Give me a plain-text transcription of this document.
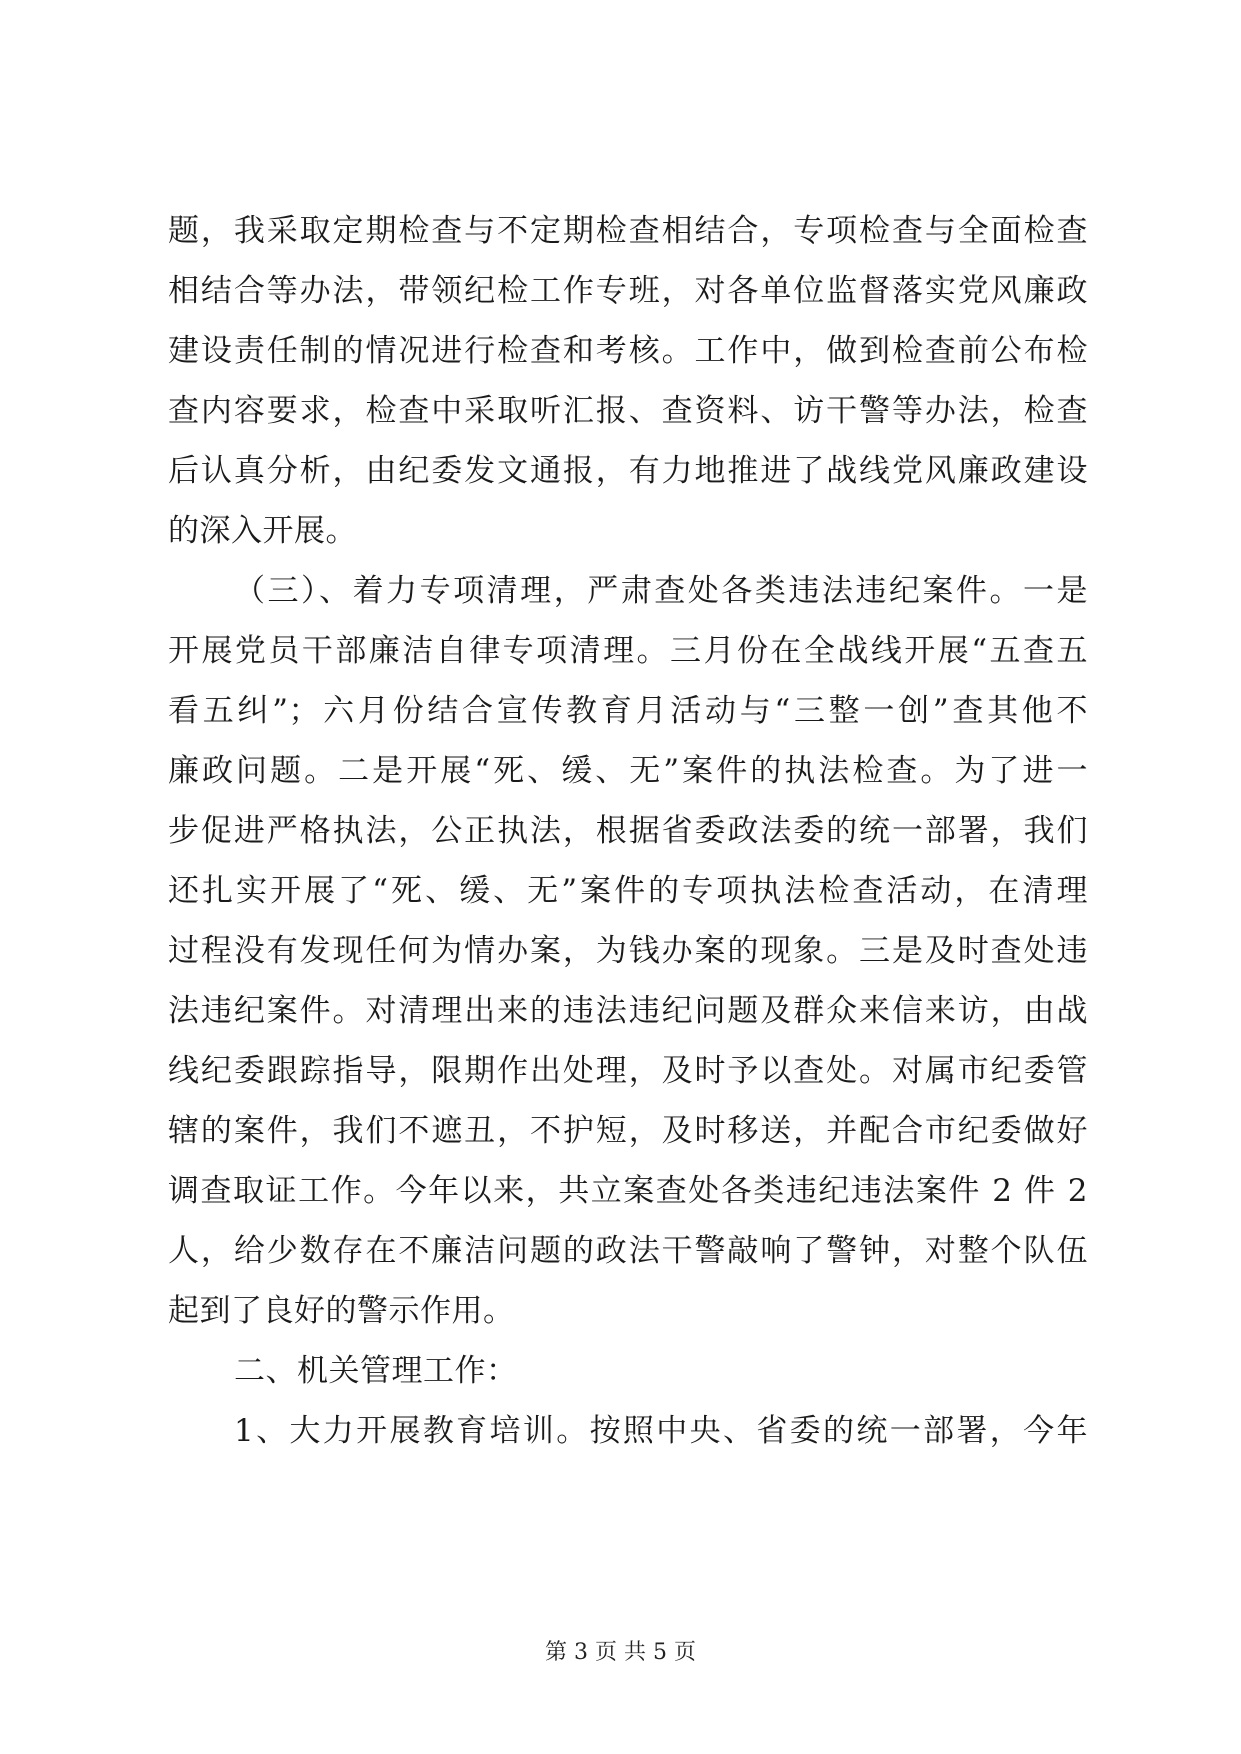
题，我采取定期检查与不定期检查相结合，专项检查与全面检查
相结合等办法，带领纪检工作专班，对各单位监督落实党风廉政
建设责任制的情况进行检查和考核。工作中，做到检查前公布检
查内容要求，检查中采取听汇报、查资料、访干警等办法，检查
后认真分析，由纪委发文通报，有力地推进了战线党风廉政建设
的深入开展。
（三）、着力专项清理，严肃查处各类违法违纪案件。一是
开展党员干部廉洁自律专项清理。三月份在全战线开展“五查五
看五纠”；六月份结合宣传教育月活动与“三整一创”查其他不
廉政问题。二是开展“死、缓、无”案件的执法检查。为了进一
步促进严格执法，公正执法，根据省委政法委的统一部署，我们
还扎实开展了“死、缓、无”案件的专项执法检查活动，在清理
过程没有发现任何为情办案，为钱办案的现象。三是及时查处违
法违纪案件。对清理出来的违法违纪问题及群众来信来访，由战
线纪委跟踪指导，限期作出处理，及时予以查处。对属市纪委管
辖的案件，我们不遮丑，不护短，及时移送，并配合市纪委做好
调查取证工作。今年以来，共立案查处各类违纪违法案件 2 件 2
人，给少数存在不廉洁问题的政法干警敲响了警钟，对整个队伍
起到了良好的警示作用。
二、机关管理工作：
1、大力开展教育培训。按照中央、省委的统一部署，今年
第 3 页 共 5 页
